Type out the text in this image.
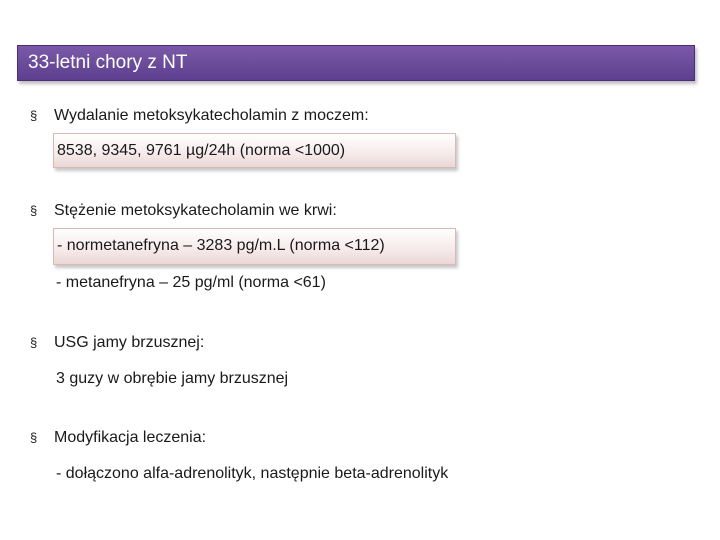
33-letni chory z NT
§ Wydalanie metoksykatecholamin z moczem:
8538, 9345, 9761 µg/24h (norma <1000)
§ Stężenie metoksykatecholamin we krwi:
- normetanefryna – 3283 pg/m.L (norma <112)
- metanefryna – 25 pg/ml (norma <61)
§ USG jamy brzusznej:
3 guzy w obrębie jamy brzusznej
§ Modyfikacja leczenia:
- dołączono alfa-adrenolityk, następnie beta-adrenolityk
